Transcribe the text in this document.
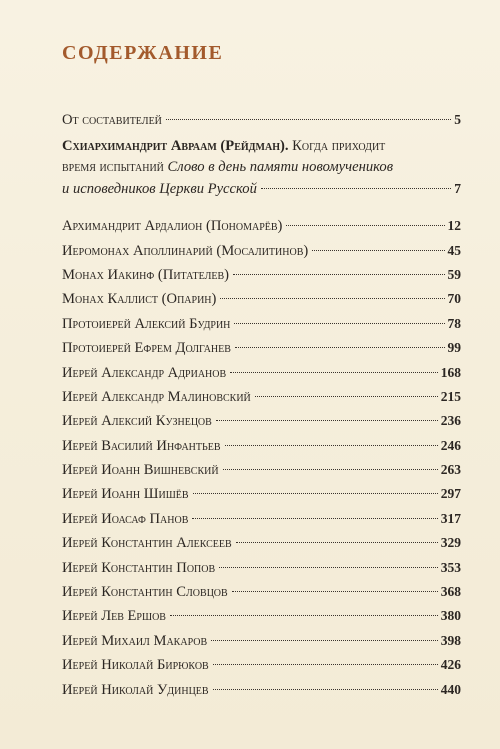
СОДЕРЖАНИЕ
От составителей	5
Схиархимандрит Авраам (Рейдман).
Когда приходит
время испытаний
Слово в день памяти новомучеников
и исповедников Церкви Русской	7
Архимандрит Ардалион (Пономарёв)	12
Иеромонах Аполлинарий (Мосалитинов)	45
Монах Иакинф (Питателев)	59
Монах Каллист (Опарин)	70
Протоиерей Алексий Будрин	78
Протоиерей Ефрем Долганев	99
Иерей Александр Адрианов	168
Иерей Александр Малиновский	215
Иерей Алексий Кузнецов	236
Иерей Василий Инфантьев	246
Иерей Иоанн Вишневский	263
Иерей Иоанн Шишёв	297
Иерей Иоасаф Панов	317
Иерей Константин Алексеев	329
Иерей Константин Попов	353
Иерей Константин Словцов	368
Иерей Лев Ершов	380
Иерей Михаил Макаров	398
Иерей Николай Бирюков	426
Иерей Николай Удинцев	440
